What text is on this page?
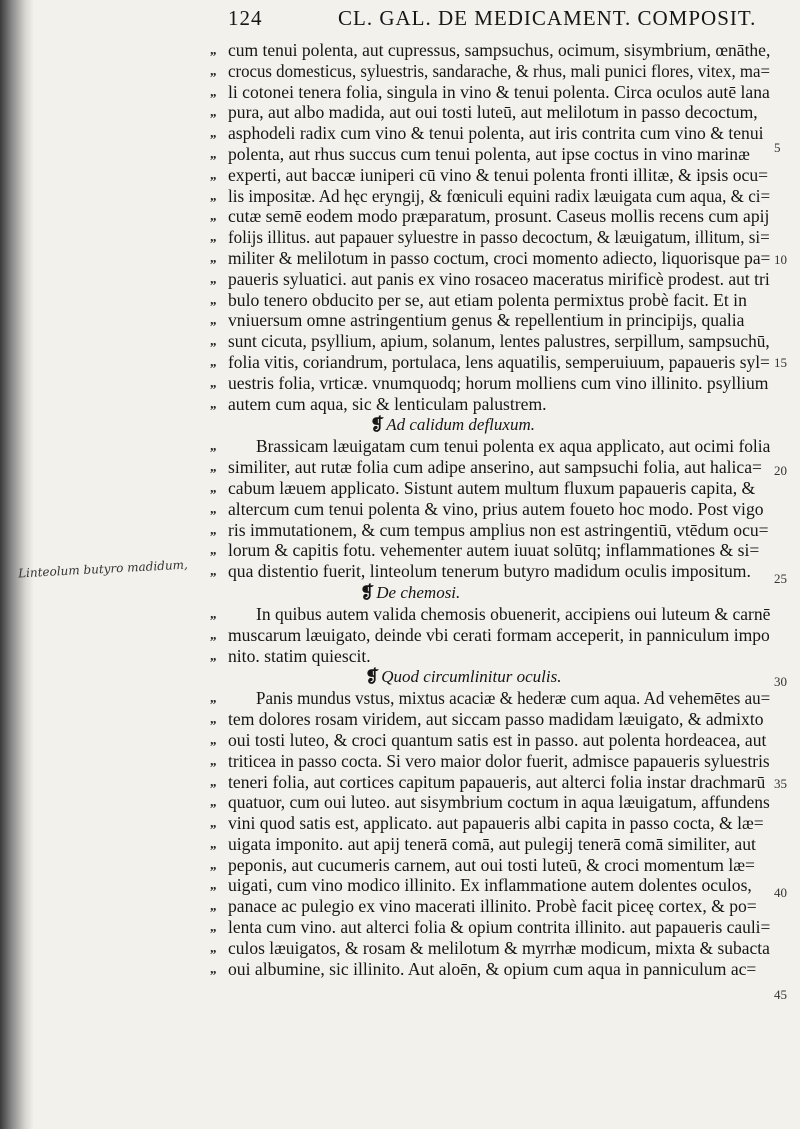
124	CL. GAL. DE MEDICAMENT. COMPOSIT.
„ cum tenui polenta, aut cupressus, sampsuchus, ocimum, sisymbrium, œnāthe,
„ crocus domesticus, syluestris, sandarache, & rhus, mali punici flores, vitex, ma=
„ li cotonei tenera folia, singula in vino & tenui polenta. Circa oculos autē lana
„ pura, aut albo madida, aut oui tosti luteū, aut melilotum in passo decoctum,
„ asphodeli radix cum vino & tenui polenta, aut iris contrita cum vino & tenui
„ polenta, aut rhus succus cum tenui polenta, aut ipse coctus in vino marinæ
„ experti, aut baccæ iuniperi cū vino & tenui polenta fronti illitæ, & ipsis ocu=
„ lis impositæ. Ad hęc eryngij, & fœniculi equini radix læuigata cum aqua, & ci=
„ cutæ semē eodem modo præparatum, prosunt. Caseus mollis recens cum apij
„ folijs illitus. aut papauer syluestre in passo decoctum, & læuigatum, illitum, si=
„ militer & melilotum in passo coctum, croci momento adiecto, liquorisque pa=
„ paueris syluatici. aut panis ex vino rosaceo maceratus mirificè prodest. aut tri
„ bulo tenero obducito per se, aut etiam polenta permixtus probè facit. Et in
„ vniuersum omne astringentium genus & repellentium in principijs, qualia
„ sunt cicuta, psyllium, apium, solanum, lentes palustres, serpillum, sampsuchū,
„ folia vitis, coriandrum, portulaca, lens aquatilis, semperuiuum, papaueris syl=
„ uestris folia, vrticæ. vnumquodq; horum molliens cum vino illinito. psyllium
„ autem cum aqua, sic & lenticulam palustrem.
❡ Ad calidum defluxum.
„ Brassicam læuigatam cum tenui polenta ex aqua applicato, aut ocimi folia
„ similiter, aut rutæ folia cum adipe anserino, aut sampsuchi folia, aut halica=
„ cabum læuem applicato. Sistunt autem multum fluxum papaueris capita, &
„ altercum cum tenui polenta & vino, prius autem foueto hoc modo. Post vigo
„ ris immutationem, & cum tempus amplius non est astringentiū, vtēdum ocu=
„ lorum & capitis fotu. vehementer autem iuuat solūtq; inflammationes & si=
„ qua distentio fuerit, linteolum tenerum butyro madidum oculis impositum.
❡ De chemosi.
„ In quibus autem valida chemosis obuenerit, accipiens oui luteum & carnē
„ muscarum læuigato, deinde vbi cerati formam acceperit, in panniculum impo
„ nito. statim quiescit.
❡ Quod circumlinitur oculis.
„ Panis mundus vstus, mixtus acaciæ & hederæ cum aqua. Ad vehemētes au=
„ tem dolores rosam viridem, aut siccam passo madidam læuigato, & admixto
„ oui tosti luteo, & croci quantum satis est in passo. aut polenta hordeacea, aut
„ triticea in passo cocta. Si vero maior dolor fuerit, admisce papaueris syluestris
„ teneri folia, aut cortices capitum papaueris, aut alterci folia instar drachmarū
„ quatuor, cum oui luteo. aut sisymbrium coctum in aqua læuigatum, affundens
„ vini quod satis est, applicato. aut papaueris albi capita in passo cocta, & læ=
„ uigata imponito. aut apij tenerā comā, aut pulegij tenerā comā similiter, aut
„ peponis, aut cucumeris carnem, aut oui tosti luteū, & croci momentum læ=
„ uigati, cum vino modico illinito. Ex inflammatione autem dolentes oculos,
„ panace ac pulegio ex vino macerati illinito. Probè facit piceę cortex, & po=
„ lenta cum vino. aut alterci folia & opium contrita illinito. aut papaueris cauli=
„ culos læuigatos, & rosam & melilotum & myrrhæ modicum, mixta & subacta
„ oui albumine, sic illinito. Aut aloēn, & opium cum aqua in panniculum ac=
Linteolum butyro madidum,
5
10
15
20
25
30
35
40
45
